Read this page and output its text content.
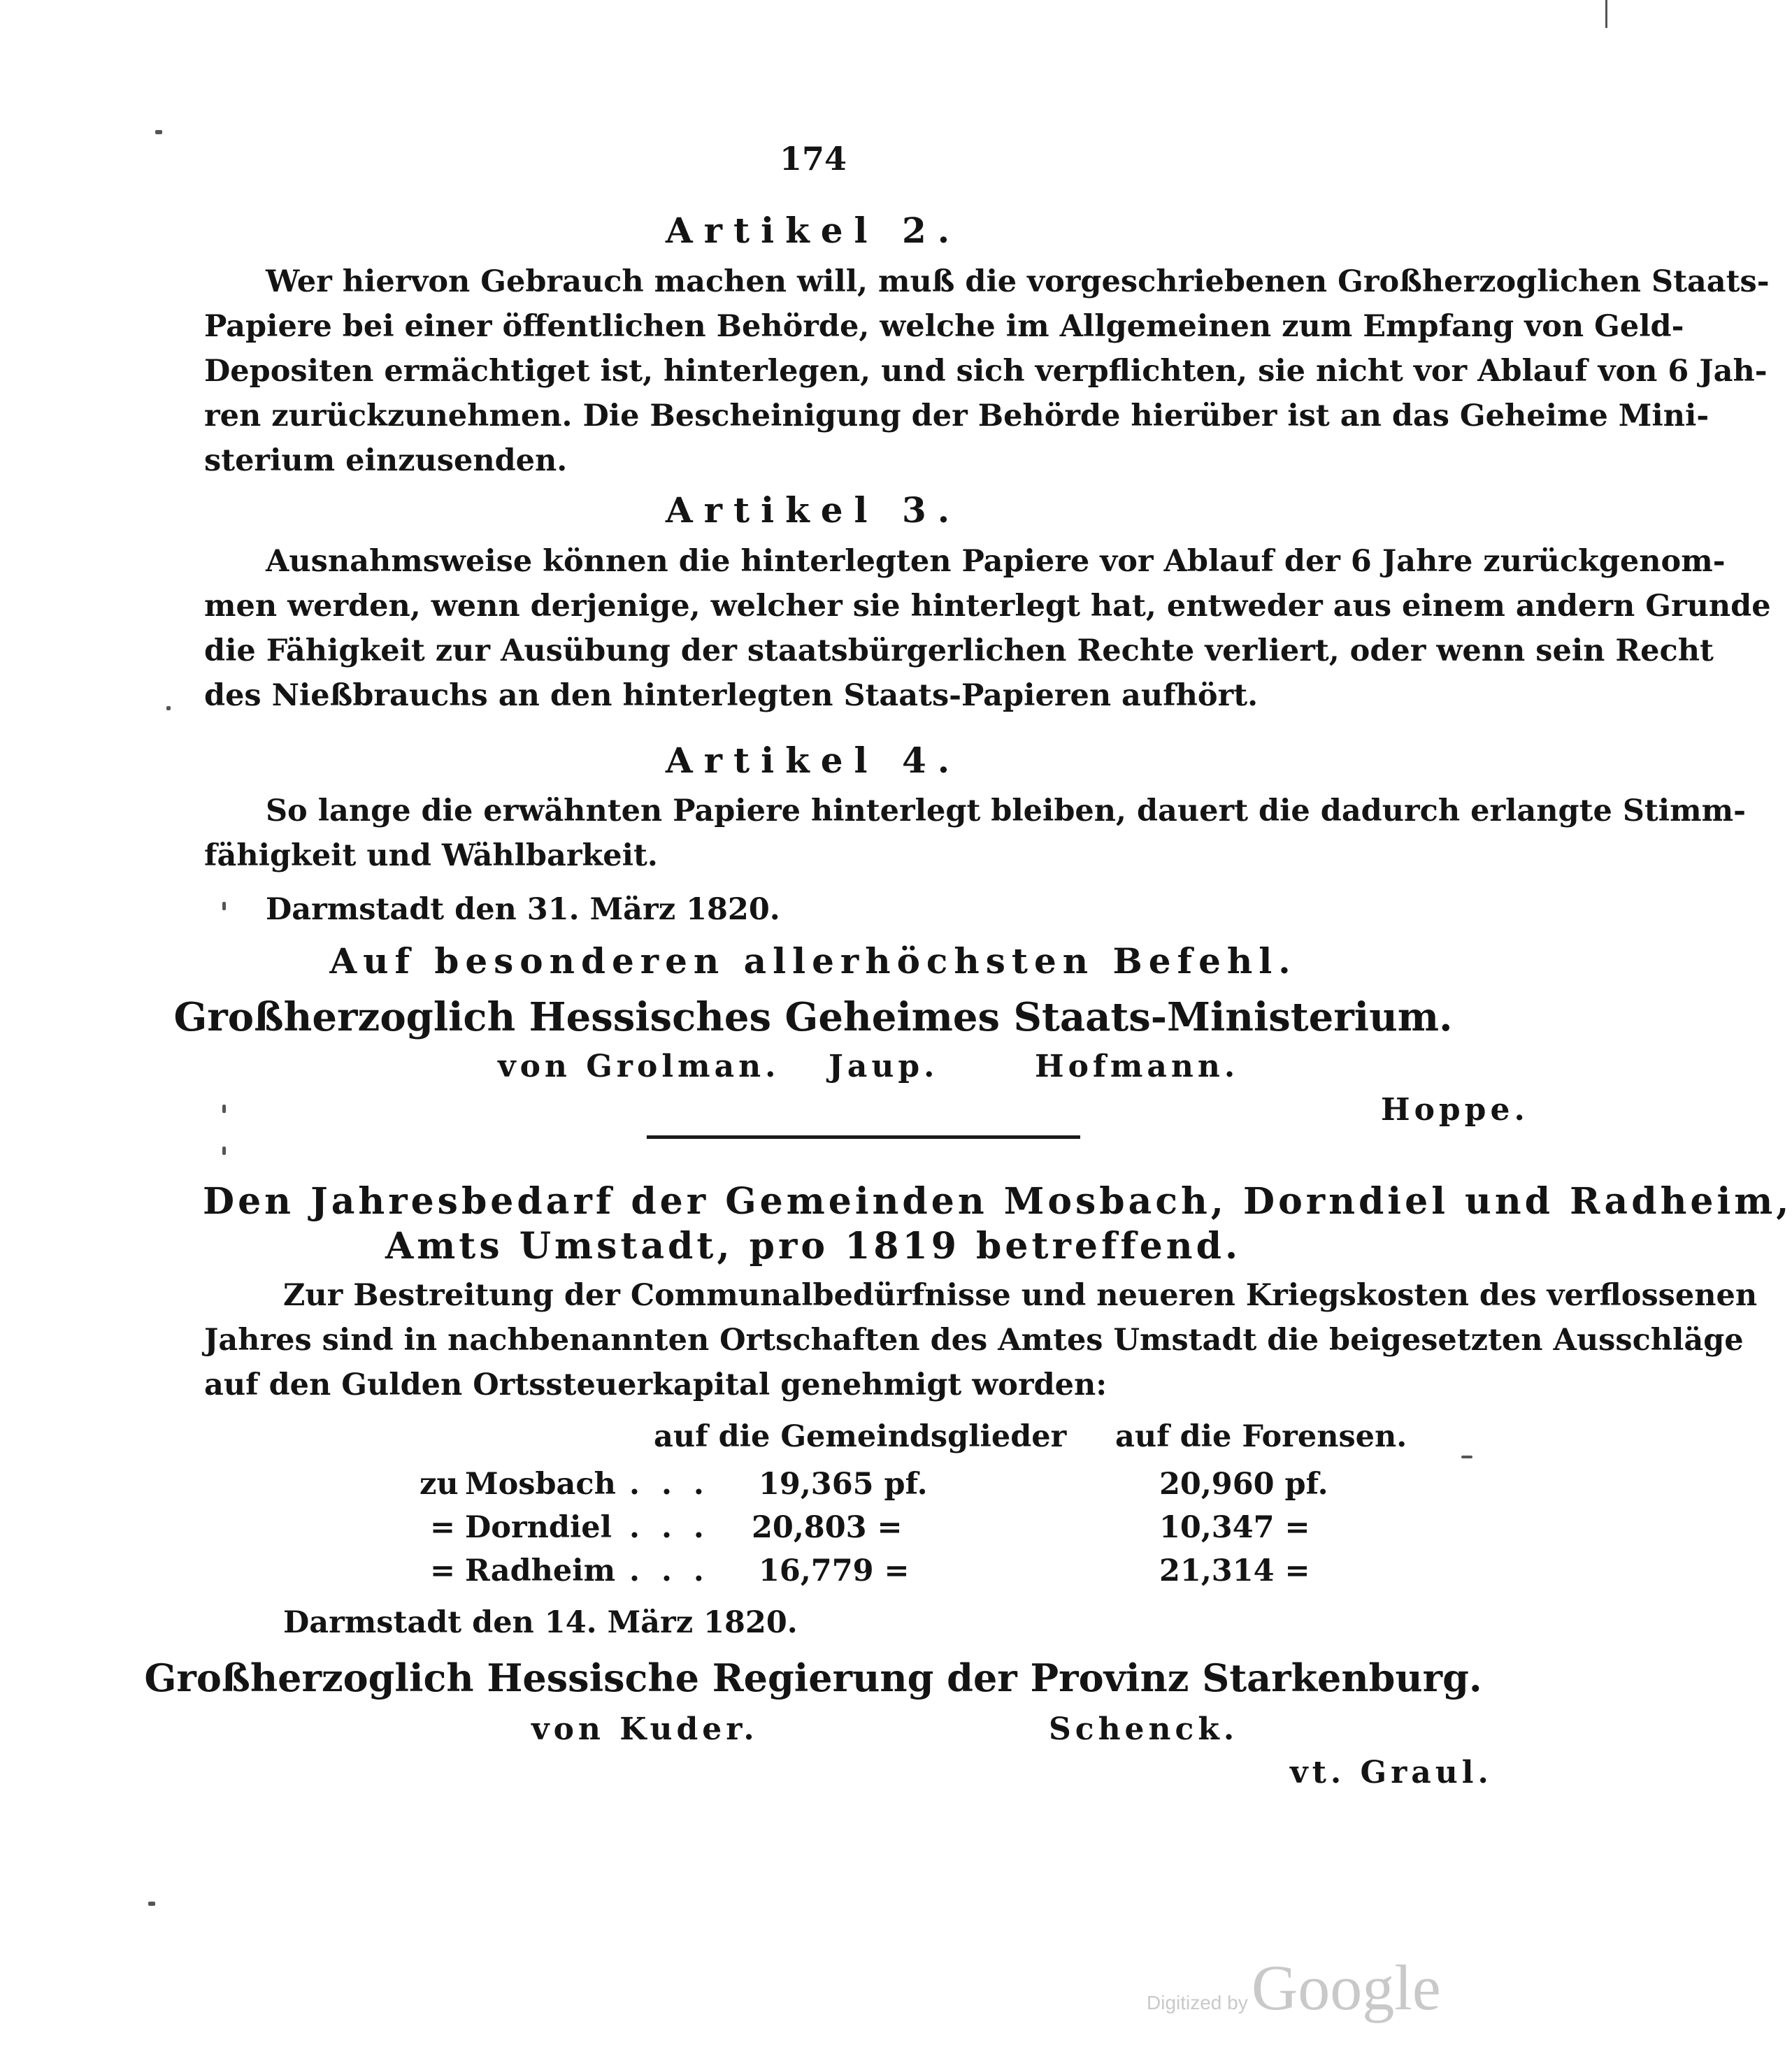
174
Artikel 2.
Wer hiervon Gebrauch machen will, muß die vorgeschriebenen Großherzoglichen Staats-
Papiere bei einer öffentlichen Behörde, welche im Allgemeinen zum Empfang von Geld-
Depositen ermächtiget ist, hinterlegen, und sich verpflichten, sie nicht vor Ablauf von 6 Jah-
ren zurückzunehmen. Die Bescheinigung der Behörde hierüber ist an das Geheime Mini-
sterium einzusenden.
Artikel 3.
Ausnahmsweise können die hinterlegten Papiere vor Ablauf der 6 Jahre zurückgenom-
men werden, wenn derjenige, welcher sie hinterlegt hat, entweder aus einem andern Grunde
die Fähigkeit zur Ausübung der staatsbürgerlichen Rechte verliert, oder wenn sein Recht
des Nießbrauchs an den hinterlegten Staats-Papieren aufhört.
Artikel 4.
So lange die erwähnten Papiere hinterlegt bleiben, dauert die dadurch erlangte Stimm-
fähigkeit und Wählbarkeit.
Darmstadt den 31. März 1820.
Auf besonderen allerhöchsten Befehl.
Großherzoglich Hessisches Geheimes Staats-Ministerium.
von Grolman. Jaup.	Hofmann.
Hoppe.
Den Jahresbedarf der Gemeinden Mosbach, Dorndiel und Radheim,
Amts Umstadt, pro 1819 betreffend.
Zur Bestreitung der Communalbedürfnisse und neueren Kriegskosten des verflossenen
Jahres sind in nachbenannten Ortschaften des Amtes Umstadt die beigesetzten Ausschläge
auf den Gulden Ortssteuerkapital genehmigt worden:
auf die Gemeindsglieder auf die Forensen.
zu Mosbach . . . 19,365 pf.	20,960 pf.
= Dorndiel . . . 20,803 =	10,347 =
= Radheim . . . 16,779 =	21,314 =
Darmstadt den 14. März 1820.
Großherzoglich Hessische Regierung der Provinz Starkenburg.
von Kuder.	Schenck.
vt. Graul.
Digitized by Google
